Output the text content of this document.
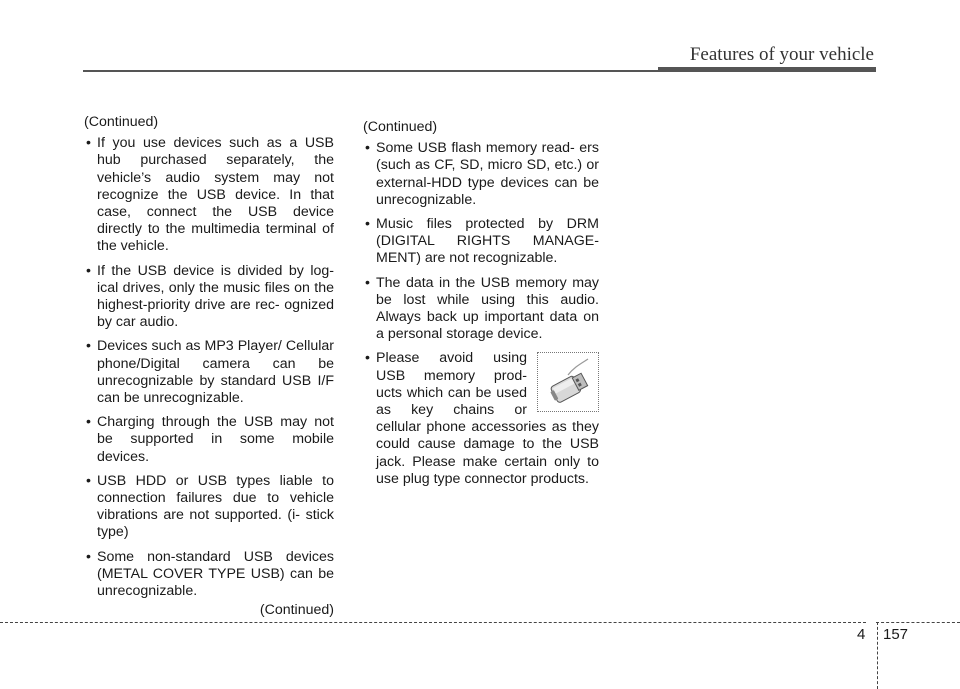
Features of your vehicle
(Continued)
• If you use devices such as a USB hub purchased separately, the vehicle’s audio system may not recognize the USB device. In that case, connect the USB device directly to the multimedia terminal of the vehicle.
• If the USB device is divided by log- ical drives, only the music files on the highest-priority drive are rec- ognized by car audio.
• Devices such as MP3 Player/ Cellular phone/Digital camera can be unrecognizable by standard USB I/F can be unrecognizable.
• Charging through the USB may not be supported in some mobile devices.
• USB HDD or USB types liable to connection failures due to vehicle vibrations are not supported. (i- stick type)
• Some non-standard USB devices (METAL COVER TYPE USB) can be unrecognizable.
(Continued)
(Continued)
• Some USB flash memory read- ers (such as CF, SD, micro SD, etc.) or external-HDD type devices can be unrecognizable.
• Music files protected by DRM (DIGITAL RIGHTS MANAGE- MENT) are not recognizable.
• The data in the USB memory may be lost while using this audio. Always back up important data on a personal storage device.
• Please avoid using USB memory prod- ucts which can be used as key chains or cellular phone accessories as they could cause damage to the USB jack. Please make certain only to use plug type connector products.
4 157
